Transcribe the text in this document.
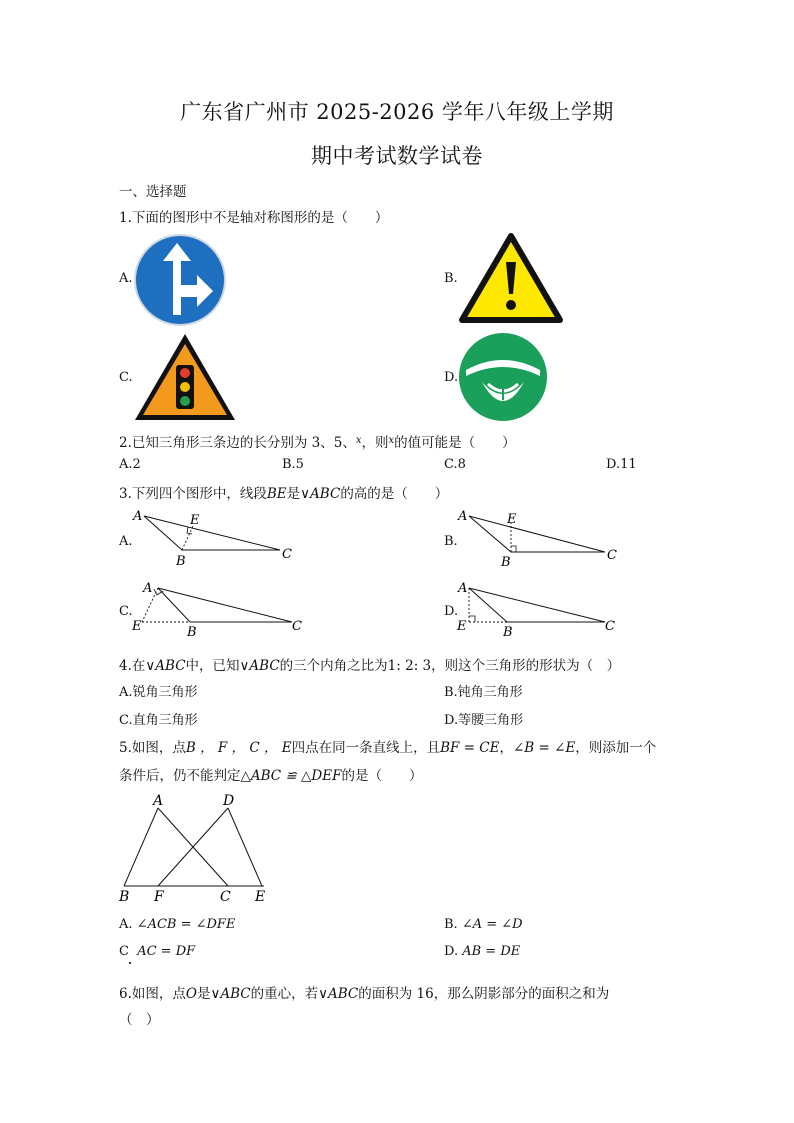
广东省广州市 2025-2026 学年八年级上学期
期中考试数学试卷
一、选择题
1.下面的图形中不是轴对称图形的是（　　）
A.	B.
C.	D.
2.已知三角形三条边的长分别为 3、5、$^x$，则$^x$的值可能是（　　）
A.2	B.5	C.8	D.11
3.下列四个图形中，线段BE是∨ABC的高的是（　　）
A.	B.
C.	D.
A	E
B	C
A	E
B	C
A
E	B	C
A
E	B	C
4.在∨ABC中，已知∨ABC的三个内角之比为1: 2: 3，则这个三角形的形状为（　）
A.锐角三角形	B.钝角三角形
C.直角三角形	D.等腰三角形
5.如图，点B ， F ， C ， E四点在同一条直线上，且BF = CE，∠B = ∠E，则添加一个
条件后，仍不能判定△ABC ≌ △DEF的是（　　）
A	D
B F	C E
A. ∠ACB = ∠DFE	B. ∠A = ∠D
C AC = DF	D. AB = DE
6.如图，点O是∨ABC的重心，若∨ABC的面积为 16，那么阴影部分的面积之和为
（　）
